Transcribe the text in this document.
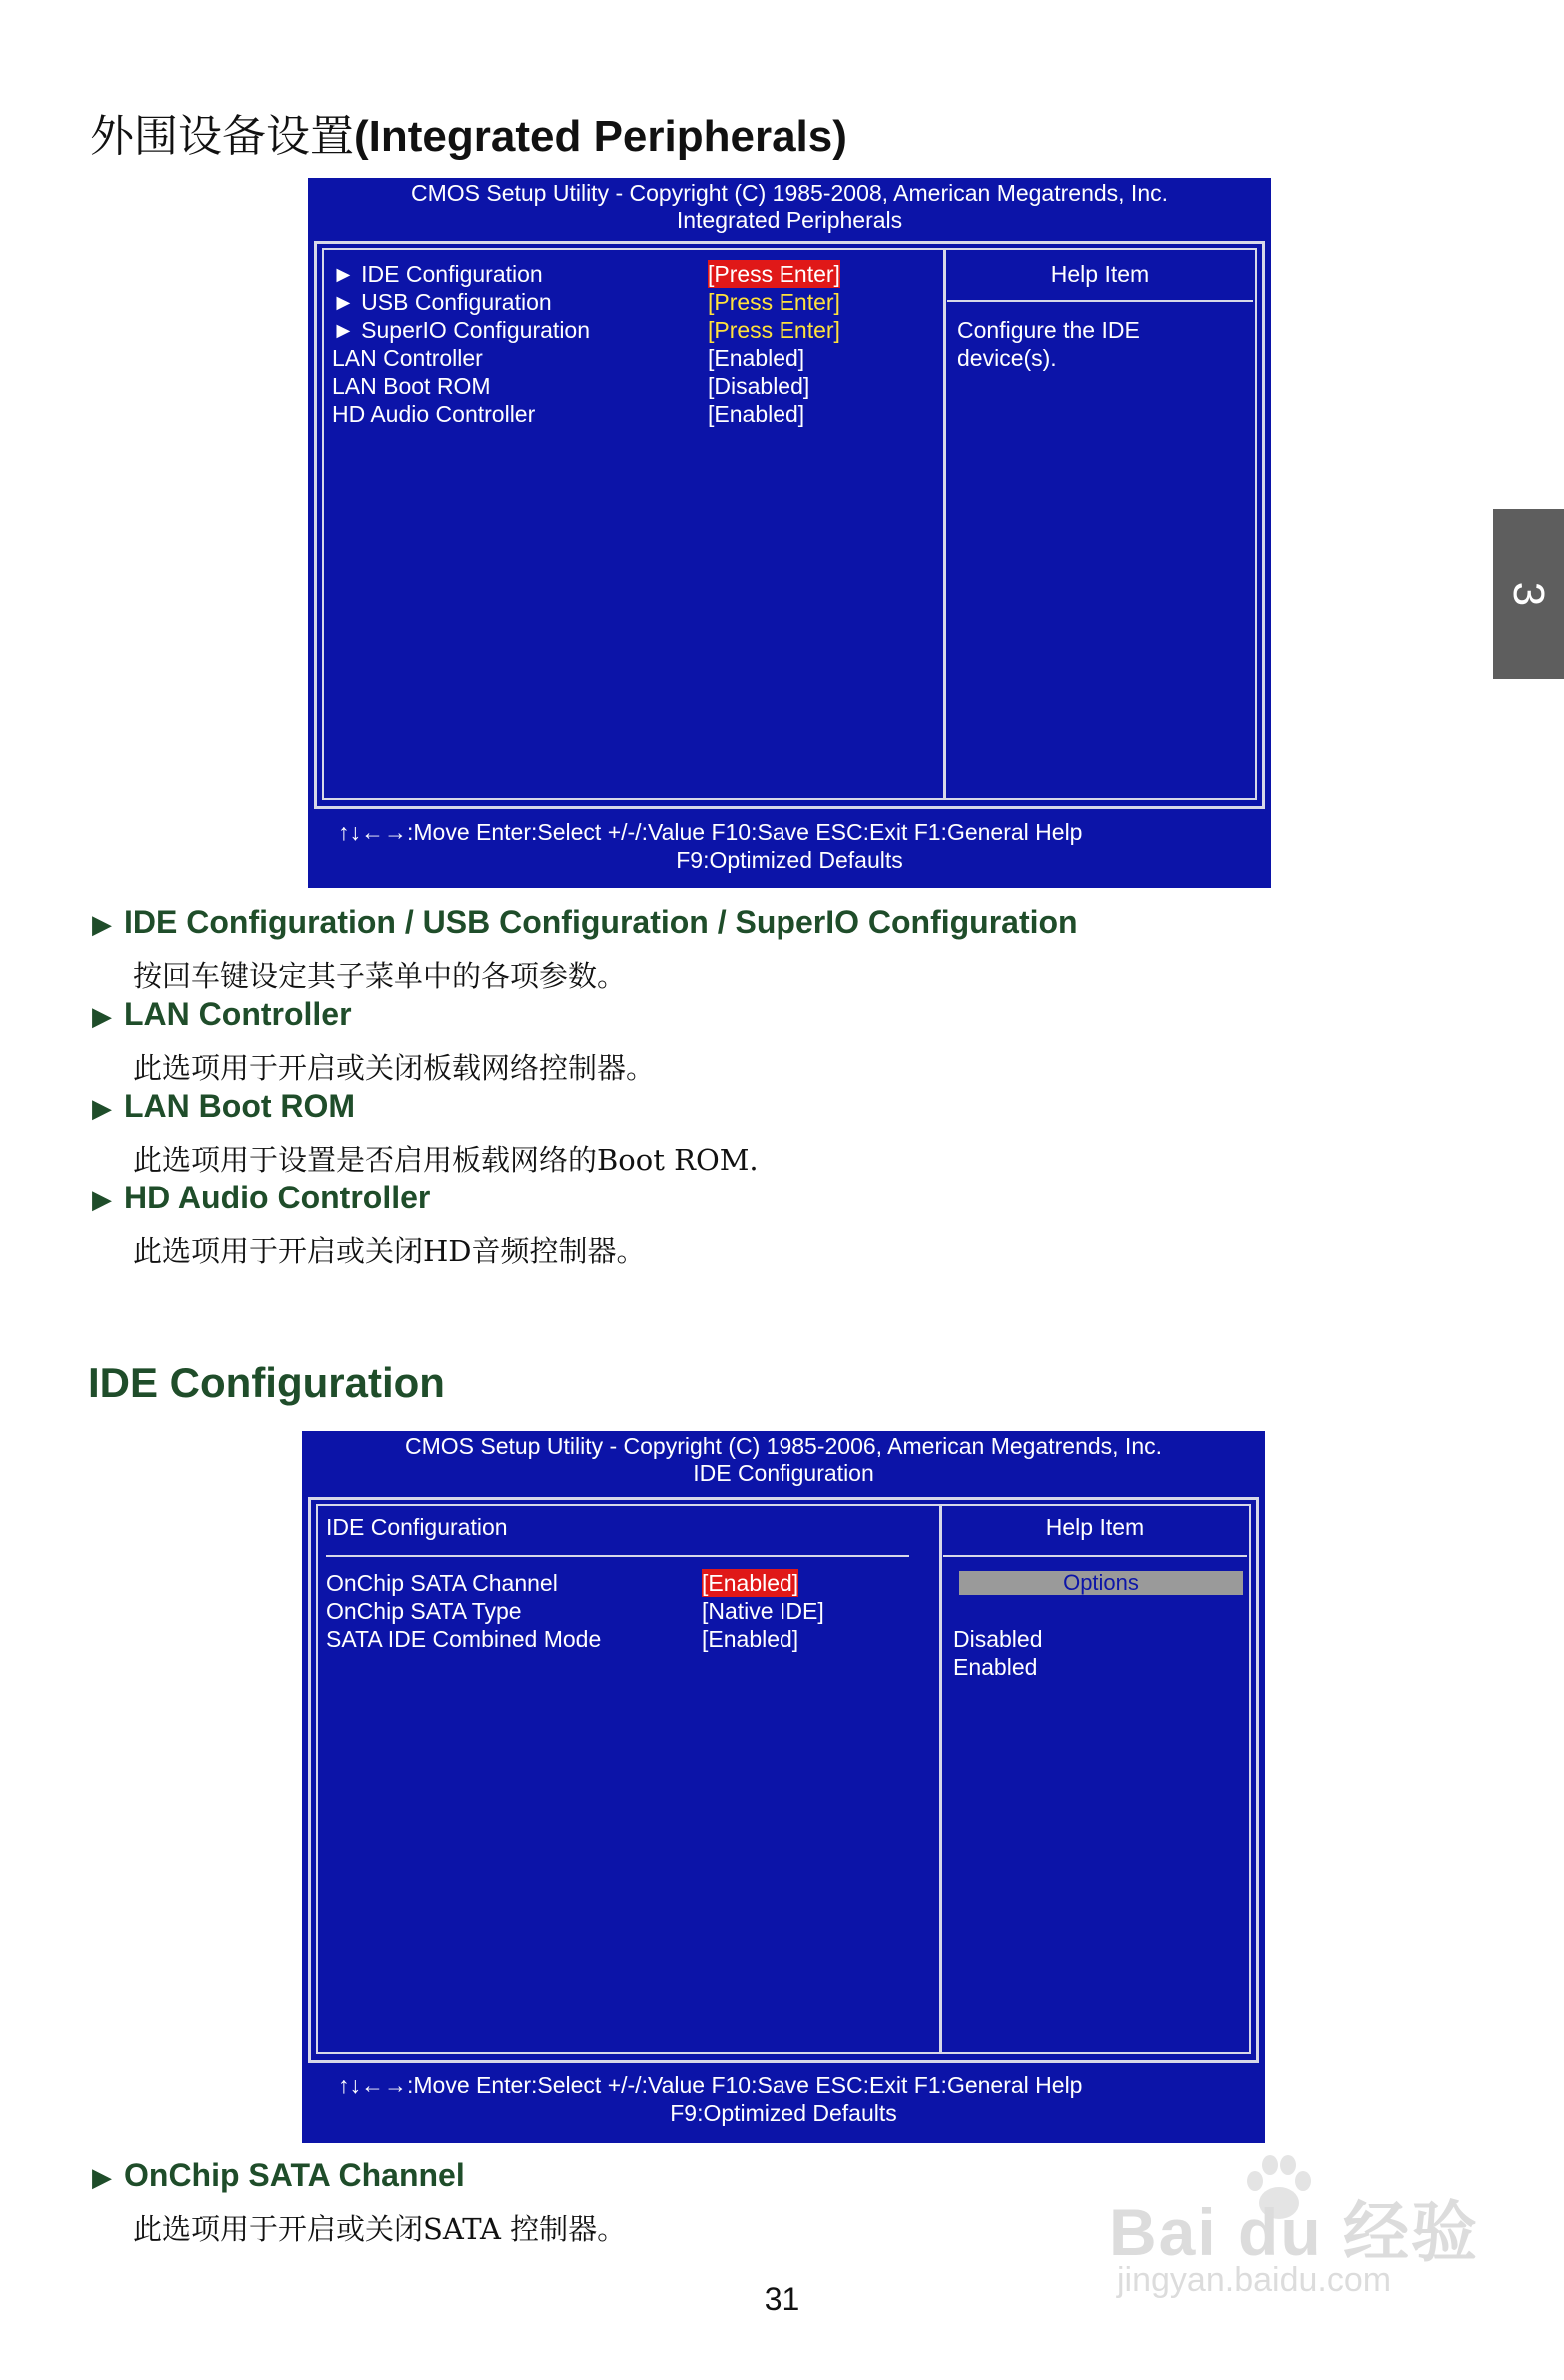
外围设备设置(Integrated Peripherals)
3
CMOS Setup Utility - Copyright (C) 1985-2008, American Megatrends, Inc.
Integrated Peripherals
► IDE Configuration	[Press Enter]
► USB Configuration	[Press Enter]
► SuperIO Configuration	[Press Enter]
LAN Controller	[Enabled]
LAN Boot ROM	[Disabled]
HD Audio Controller	[Enabled]
Help Item
Configure the IDE
device(s).
↑↓←→:Move Enter:Select +/-/:Value F10:Save ESC:Exit F1:General Help
F9:Optimized Defaults
▶ IDE Configuration / USB Configuration / SuperIO Configuration
按回车键设定其子菜单中的各项参数。
▶ LAN Controller
此选项用于开启或关闭板载网络控制器。
▶ LAN Boot ROM
此选项用于设置是否启用板载网络的Boot ROM.
▶ HD Audio Controller
此选项用于开启或关闭HD音频控制器。
IDE Configuration
CMOS Setup Utility - Copyright (C) 1985-2006, American Megatrends, Inc.
IDE Configuration
IDE Configuration
OnChip SATA Channel	[Enabled]
OnChip SATA Type	[Native IDE]
SATA IDE Combined Mode	[Enabled]
Help Item
Options
Disabled
Enabled
↑↓←→:Move Enter:Select +/-/:Value F10:Save ESC:Exit F1:General Help
F9:Optimized Defaults
▶ OnChip SATA Channel
此选项用于开启或关闭SATA 控制器。
31
Bai du 经验
jingyan.baidu.com
